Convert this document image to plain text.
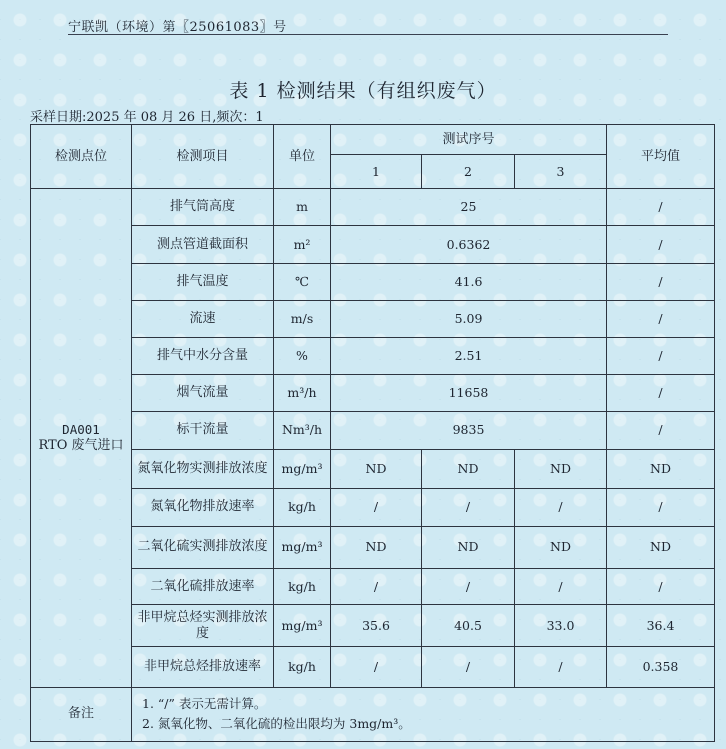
宁联凯（环境）第〖25061083〗号
表 1 检测结果（有组织废气）
采样日期:2025 年 08 月 26 日,频次：1
检测点位	检测项目	单位	测试序号			平均值
			1	2	3	

DA001
RTO 废气进口	排气筒高度	m	25			/
	测点管道截面积	m²	0.6362			/
	排气温度	℃	41.6			/
	流速	m/s	5.09			/
	排气中水分含量	%	2.51			/
	烟气流量	m³/h	11658			/
	标干流量	Nm³/h	9835			/
	氮氧化物实测排放浓度	mg/m³	ND	ND	ND	ND
	氮氧化物排放速率	kg/h	/	/	/	/
	二氧化硫实测排放浓度	mg/m³	ND	ND	ND	ND
	二氧化硫排放速率	kg/h	/	/	/	/
	非甲烷总烃实测排放浓度	mg/m³	35.6	40.5	33.0	36.4
	非甲烷总烃排放速率	kg/h	/	/	/	0.358
备注	1. “/” 表示无需计算。
2. 氮氧化物、二氧化硫的检出限均为 3mg/m³。					
